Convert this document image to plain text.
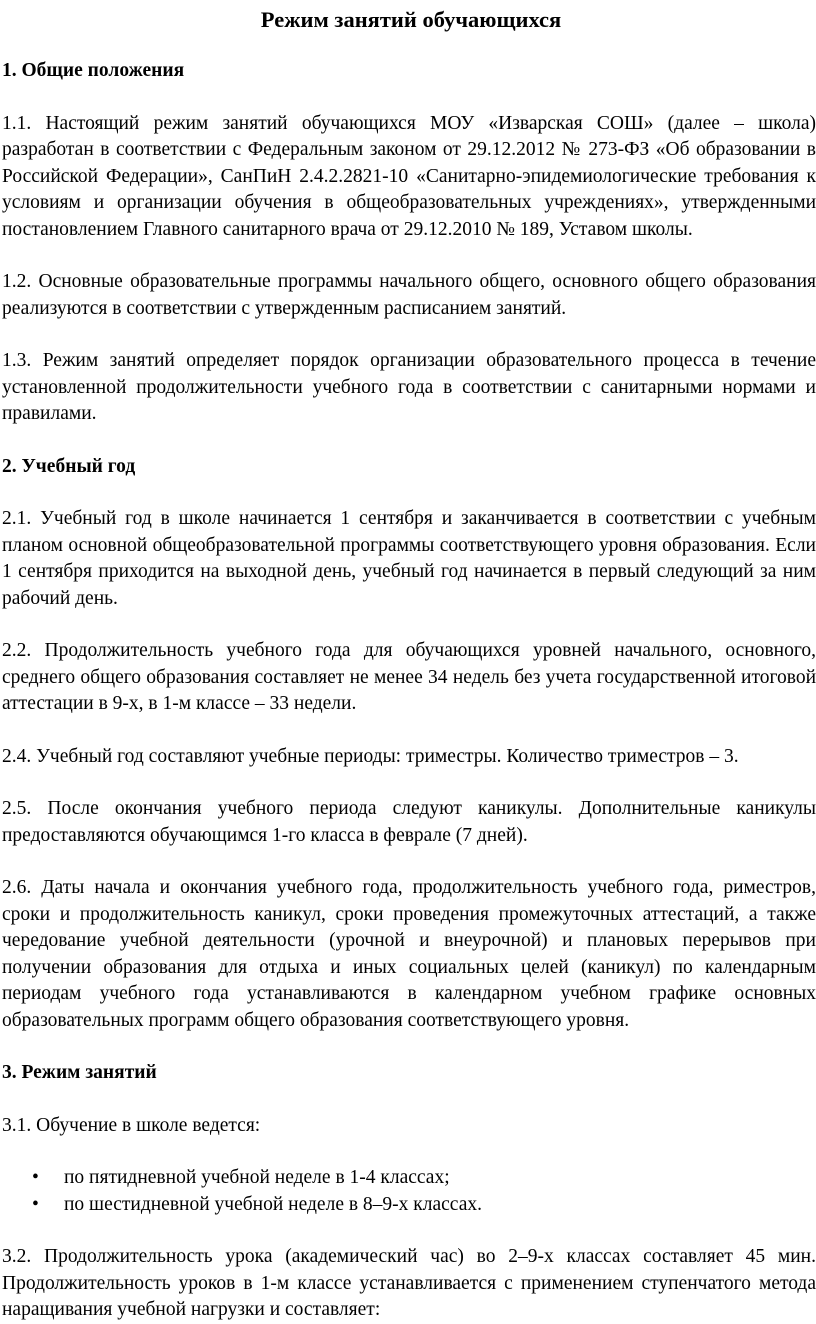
Режим занятий обучающихся
1. Общие положения

1.1. Настоящий режим занятий обучающихся МОУ «Изварская СОШ» (далее – школа) разработан в соответствии с Федеральным законом от 29.12.2012 № 273-ФЗ «Об образовании в Российской Федерации», СанПиН 2.4.2.2821-10 «Санитарно-эпидемиологические требования к условиям и организации обучения в общеобразовательных учреждениях», утвержденными постановлением Главного санитарного врача от 29.12.2010 № 189, Уставом школы.

1.2. Основные образовательные программы начального общего, основного общего образования реализуются в соответствии с утвержденным расписанием занятий.

1.3. Режим занятий определяет порядок организации образовательного процесса в течение установленной продолжительности учебного года в соответствии с санитарными нормами и правилами.

2. Учебный год

2.1. Учебный год в школе начинается 1 сентября и заканчивается в соответствии с учебным планом основной общеобразовательной программы соответствующего уровня образования. Если 1 сентября приходится на выходной день, учебный год начинается в первый следующий за ним рабочий день.

2.2. Продолжительность учебного года для обучающихся уровней начального, основного, среднего общего образования составляет не менее 34 недель без учета государственной итоговой аттестации в 9-х, в 1-м классе – 33 недели.

2.4. Учебный год составляют учебные периоды: триместры. Количество триместров – 3.

2.5. После окончания учебного периода следуют каникулы. Дополнительные каникулы предоставляются обучающимся 1-го класса в феврале (7 дней).

2.6. Даты начала и окончания учебного года, продолжительность учебного года, риместров, сроки и продолжительность каникул, сроки проведения промежуточных аттестаций, а также чередование учебной деятельности (урочной и внеурочной) и плановых перерывов при получении образования для отдыха и иных социальных целей (каникул) по календарным периодам учебного года устанавливаются в календарном учебном графике основных образовательных программ общего образования соответствующего уровня.

3. Режим занятий

3.1. Обучение в школе ведется:

• по пятидневной учебной неделе в 1-4 классах;
• по шестидневной учебной неделе в 8–9-х классах.

3.2. Продолжительность урока (академический час) во 2–9-х классах составляет 45 мин. Продолжительность уроков в 1-м классе устанавливается с применением ступенчатого метода наращивания учебной нагрузки и составляет:
